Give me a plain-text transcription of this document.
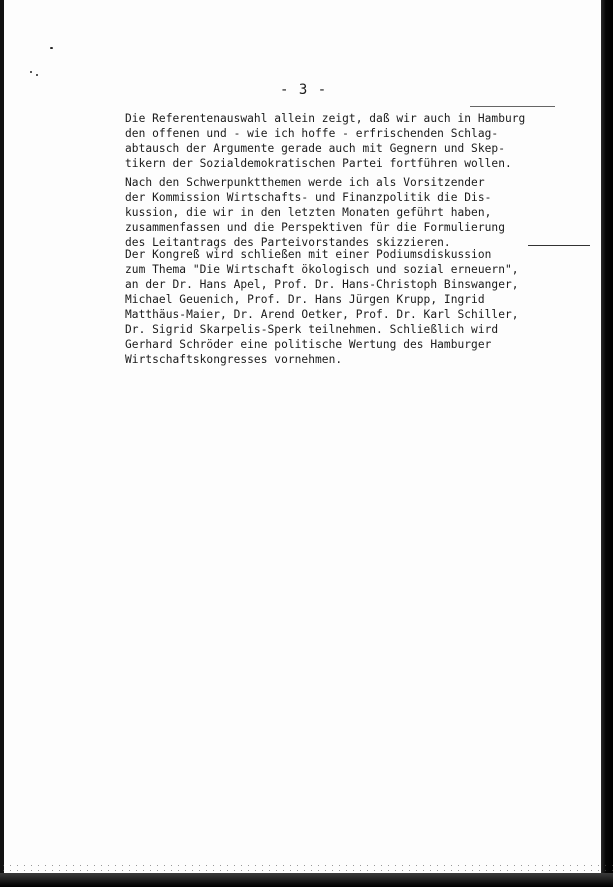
- 3 -
Die Referentenauswahl allein zeigt, daß wir auch in Hamburg
den offenen und - wie ich hoffe - erfrischenden Schlag-
abtausch der Argumente gerade auch mit Gegnern und Skep-
tikern der Sozialdemokratischen Partei fortführen wollen.
Nach den Schwerpunktthemen werde ich als Vorsitzender
der Kommission Wirtschafts- und Finanzpolitik die Dis-
kussion, die wir in den letzten Monaten geführt haben,
zusammenfassen und die Perspektiven für die Formulierung
des Leitantrags des Parteivorstandes skizzieren.
Der Kongreß wird schließen mit einer Podiumsdiskussion
zum Thema "Die Wirtschaft ökologisch und sozial erneuern",
an der Dr. Hans Apel, Prof. Dr. Hans-Christoph Binswanger,
Michael Geuenich, Prof. Dr. Hans Jürgen Krupp, Ingrid
Matthäus-Maier, Dr. Arend Oetker, Prof. Dr. Karl Schiller,
Dr. Sigrid Skarpelis-Sperk teilnehmen. Schließlich wird
Gerhard Schröder eine politische Wertung des Hamburger
Wirtschaftskongresses vornehmen.
